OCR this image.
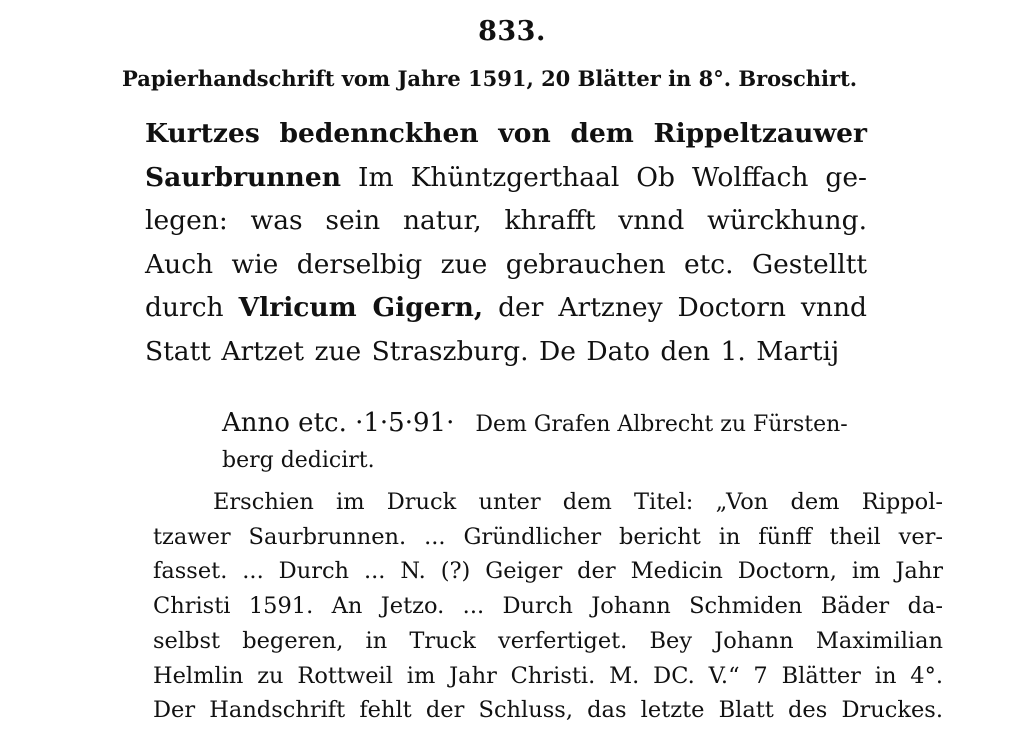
833.
Papierhandschrift vom Jahre 1591, 20 Blätter in 8°. Broschirt.
Kurtzes bedennckhen von dem Rippeltzauwer
Saurbrunnen Im Khüntzgerthaal Ob Wolffach ge-
legen: was sein natur, khrafft vnnd würckhung.
Auch wie derselbig zue gebrauchen etc. Gestelltt
durch Vlricum Gigern, der Artzney Doctorn vnnd
Statt Artzet zue Straszburg. De Dato den 1. Martij
Anno etc. ·1·5·91· Dem Grafen Albrecht zu Fürsten-
berg dedicirt.
Erschien im Druck unter dem Titel: „Von dem Rippol-
tzawer Saurbrunnen. ... Gründlicher bericht in fünff theil ver-
fasset. ... Durch ... N. (?) Geiger der Medicin Doctorn, im Jahr
Christi 1591. An Jetzo. ... Durch Johann Schmiden Bäder da-
selbst begeren, in Truck verfertiget. Bey Johann Maximilian
Helmlin zu Rottweil im Jahr Christi. M. DC. V.“ 7 Blätter in 4°.
Der Handschrift fehlt der Schluss, das letzte Blatt des Druckes.
